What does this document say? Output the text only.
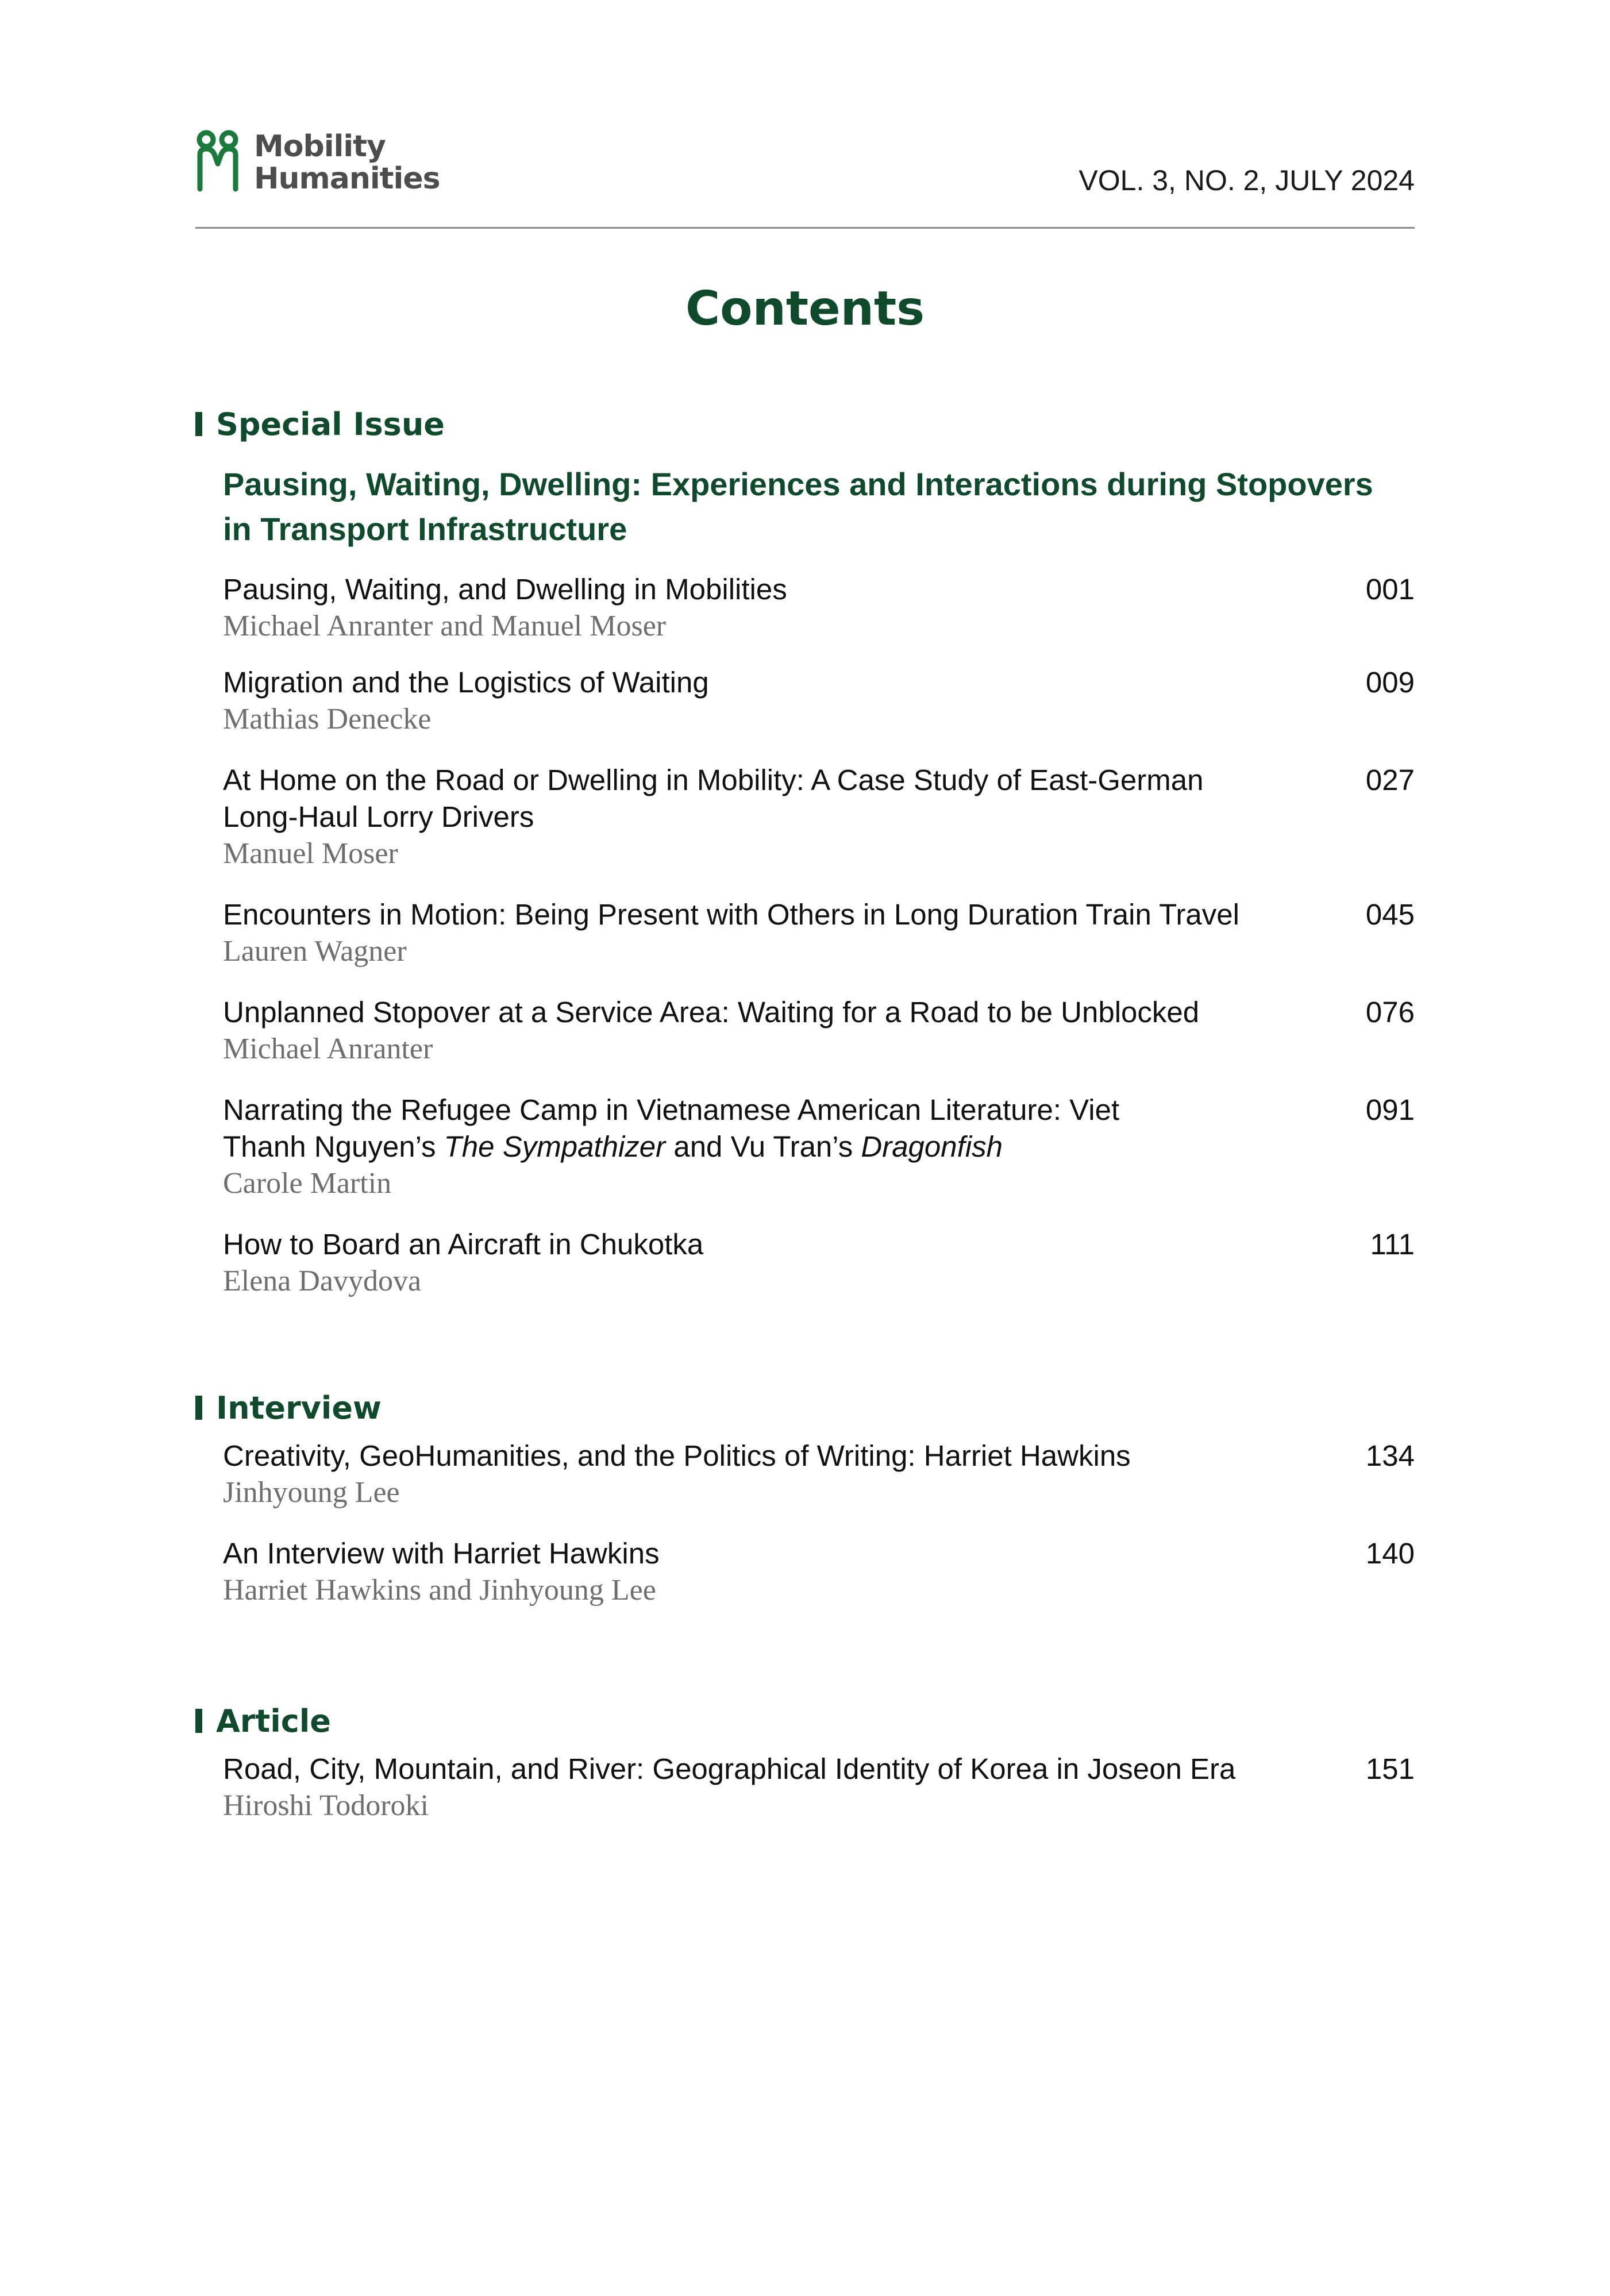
Mobility
Humanities	VOL. 3, NO. 2, JULY 2024
Contents
Special Issue
Pausing, Waiting, Dwelling: Experiences and Interactions during Stopovers in Transport Infrastructure
Pausing, Waiting, and Dwelling in Mobilities
Michael Anranter and Manuel Moser
001
Migration and the Logistics of Waiting
Mathias Denecke
009
At Home on the Road or Dwelling in Mobility: A Case Study of East-German
Long-Haul Lorry Drivers
Manuel Moser
027
Encounters in Motion: Being Present with Others in Long Duration Train Travel
Lauren Wagner
045
Unplanned Stopover at a Service Area: Waiting for a Road to be Unblocked
Michael Anranter
076
Narrating the Refugee Camp in Vietnamese American Literature: Viet
Thanh Nguyen’s The Sympathizer and Vu Tran’s Dragonfish
Carole Martin
091
How to Board an Aircraft in Chukotka
Elena Davydova
111
Interview
Creativity, GeoHumanities, and the Politics of Writing: Harriet Hawkins
Jinhyoung Lee
134
An Interview with Harriet Hawkins
Harriet Hawkins and Jinhyoung Lee
140
Article
Road, City, Mountain, and River: Geographical Identity of Korea in Joseon Era
Hiroshi Todoroki
151
